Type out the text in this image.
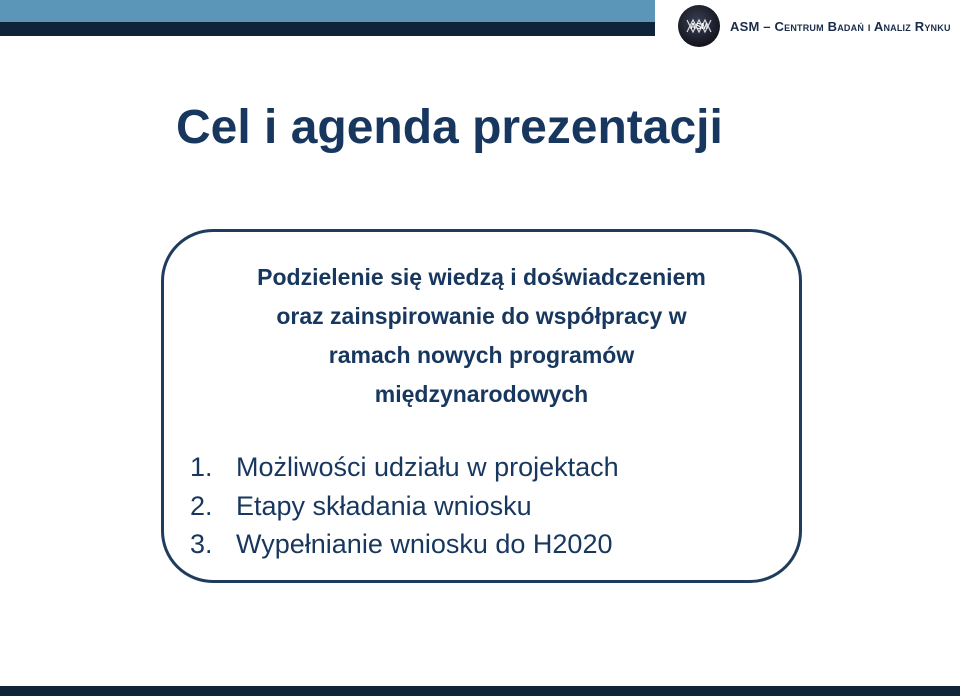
ASM ASM – Centrum Badań i Analiz Rynku
Cel i agenda prezentacji
Podzielenie się wiedzą i doświadczeniem
oraz zainspirowanie do współpracy w
ramach nowych programów
międzynarodowych
1. Możliwości udziału w projektach
2. Etapy składania wniosku
3. Wypełnianie wniosku do H2020
